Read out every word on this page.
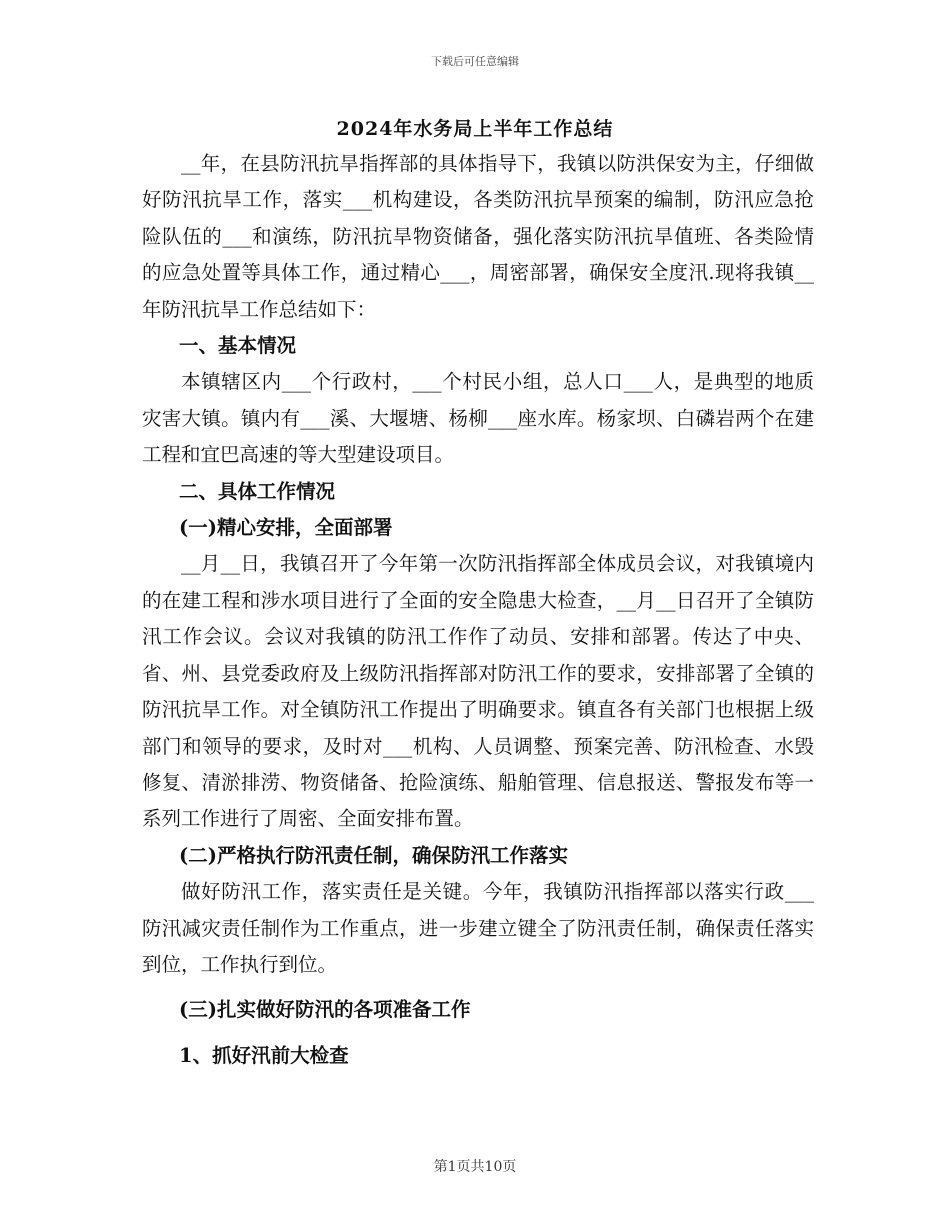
下载后可任意编辑
2024年水务局上半年工作总结

__年，在县防汛抗旱指挥部的具体指导下，我镇以防洪保安为主，仔细做好防汛抗旱工作，落实___机构建设，各类防汛抗旱预案的编制，防汛应急抢险队伍的___和演练，防汛抗旱物资储备，强化落实防汛抗旱值班、各类险情的应急处置等具体工作，通过精心___，周密部署，确保安全度汛.现将我镇__年防汛抗旱工作总结如下：

一、基本情况

本镇辖区内___个行政村，___个村民小组，总人口___人，是典型的地质灾害大镇。镇内有___溪、大堰塘、杨柳___座水库。杨家坝、白磷岩两个在建工程和宜巴高速的等大型建设项目。

二、具体工作情况

(一)精心安排，全面部署

__月__日，我镇召开了今年第一次防汛指挥部全体成员会议，对我镇境内的在建工程和涉水项目进行了全面的安全隐患大检查，__月__日召开了全镇防汛工作会议。会议对我镇的防汛工作作了动员、安排和部署。传达了中央、省、州、县党委政府及上级防汛指挥部对防汛工作的要求，安排部署了全镇的防汛抗旱工作。对全镇防汛工作提出了明确要求。镇直各有关部门也根据上级部门和领导的要求，及时对___机构、人员调整、预案完善、防汛检查、水毁修复、清淤排涝、物资储备、抢险演练、船舶管理、信息报送、警报发布等一系列工作进行了周密、全面安排布置。

(二)严格执行防汛责任制，确保防汛工作落实

做好防汛工作，落实责任是关键。今年，我镇防汛指挥部以落实行政___防汛减灾责任制作为工作重点，进一步建立键全了防汛责任制，确保责任落实到位，工作执行到位。

(三)扎实做好防汛的各项准备工作

1、抓好汛前大检查

第1页共10页
